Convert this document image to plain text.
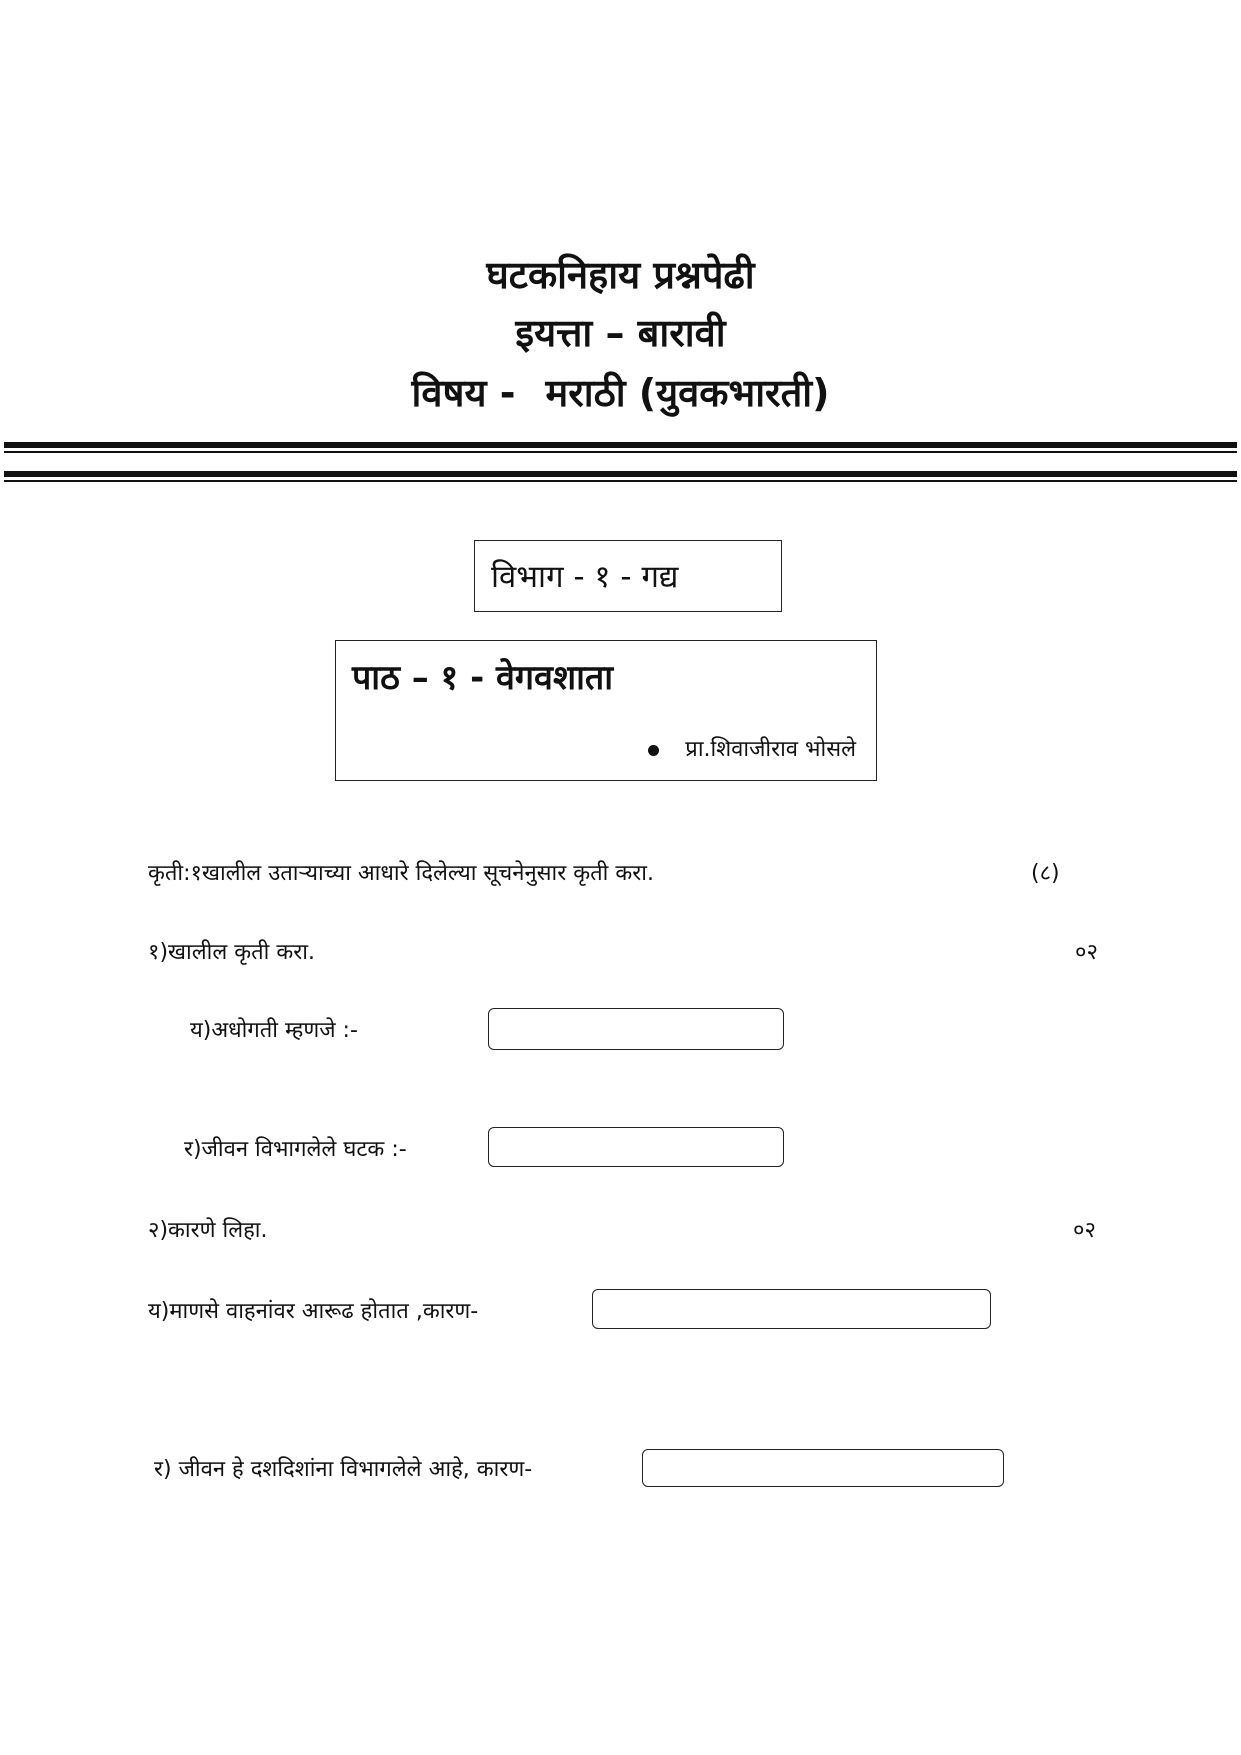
घटकनिहाय प्रश्नपेढी
इयत्ता – बारावी
विषय - मराठी (युवकभारती)
विभाग - १ - गद्य
पाठ – १ - वेगवशाता
प्रा.शिवाजीराव भोसले
कृती:१खालील उताऱ्याच्या आधारे दिलेल्या सूचनेनुसार कृती करा.	(८)
१)खालील कृती करा.	०२
य)अधोगती म्हणजे :-
र)जीवन विभागलेले घटक :-
२)कारणे लिहा.	०२
य)माणसे वाहनांवर आरूढ होतात ,कारण-
र) जीवन हे दशदिशांना विभागलेले आहे, कारण-
